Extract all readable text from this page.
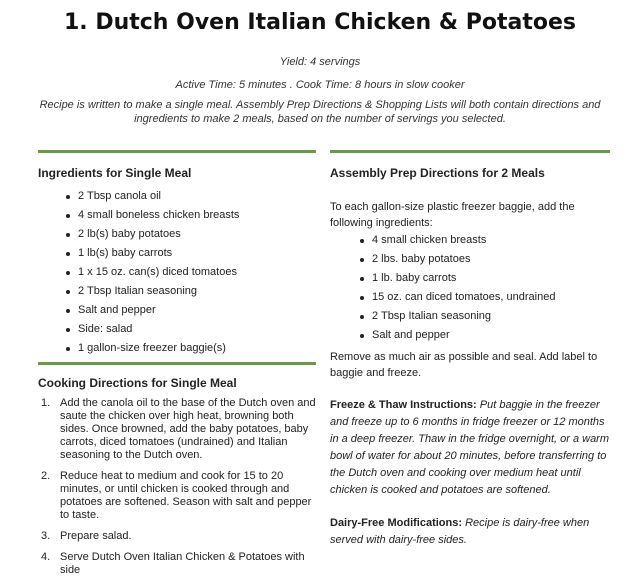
1. Dutch Oven Italian Chicken & Potatoes

Yield: 4 servings

Active Time: 5 minutes . Cook Time: 8 hours in slow cooker

Recipe is written to make a single meal. Assembly Prep Directions & Shopping Lists will both contain directions and ingredients to make 2 meals, based on the number of servings you selected.

Ingredients for Single Meal
2 Tbsp canola oil
4 small boneless chicken breasts
2 lb(s) baby potatoes
1 lb(s) baby carrots
1 x 15 oz. can(s) diced tomatoes
2 Tbsp Italian seasoning
Salt and pepper
Side: salad
1 gallon-size freezer baggie(s)
Cooking Directions for Single Meal
1. Add the canola oil to the base of the Dutch oven and saute the chicken over high heat, browning both sides. Once browned, add the baby potatoes, baby carrots, diced tomatoes (undrained) and Italian seasoning to the Dutch oven.
2. Reduce heat to medium and cook for 15 to 20 minutes, or until chicken is cooked through and potatoes are softened. Season with salt and pepper to taste.
3. Prepare salad.
4. Serve Dutch Oven Italian Chicken & Potatoes with side
Assembly Prep Directions for 2 Meals

To each gallon-size plastic freezer baggie, add the following ingredients:

4 small chicken breasts
2 lbs. baby potatoes
1 lb. baby carrots
15 oz. can diced tomatoes, undrained
2 Tbsp Italian seasoning
Salt and pepper

Remove as much air as possible and seal. Add label to baggie and freeze.

Freeze & Thaw Instructions: Put baggie in the freezer and freeze up to 6 months in fridge freezer or 12 months in a deep freezer. Thaw in the fridge overnight, or a warm bowl of water for about 20 minutes, before transferring to the Dutch oven and cooking over medium heat until chicken is cooked and potatoes are softened.

Dairy-Free Modifications: Recipe is dairy-free when served with dairy-free sides.
